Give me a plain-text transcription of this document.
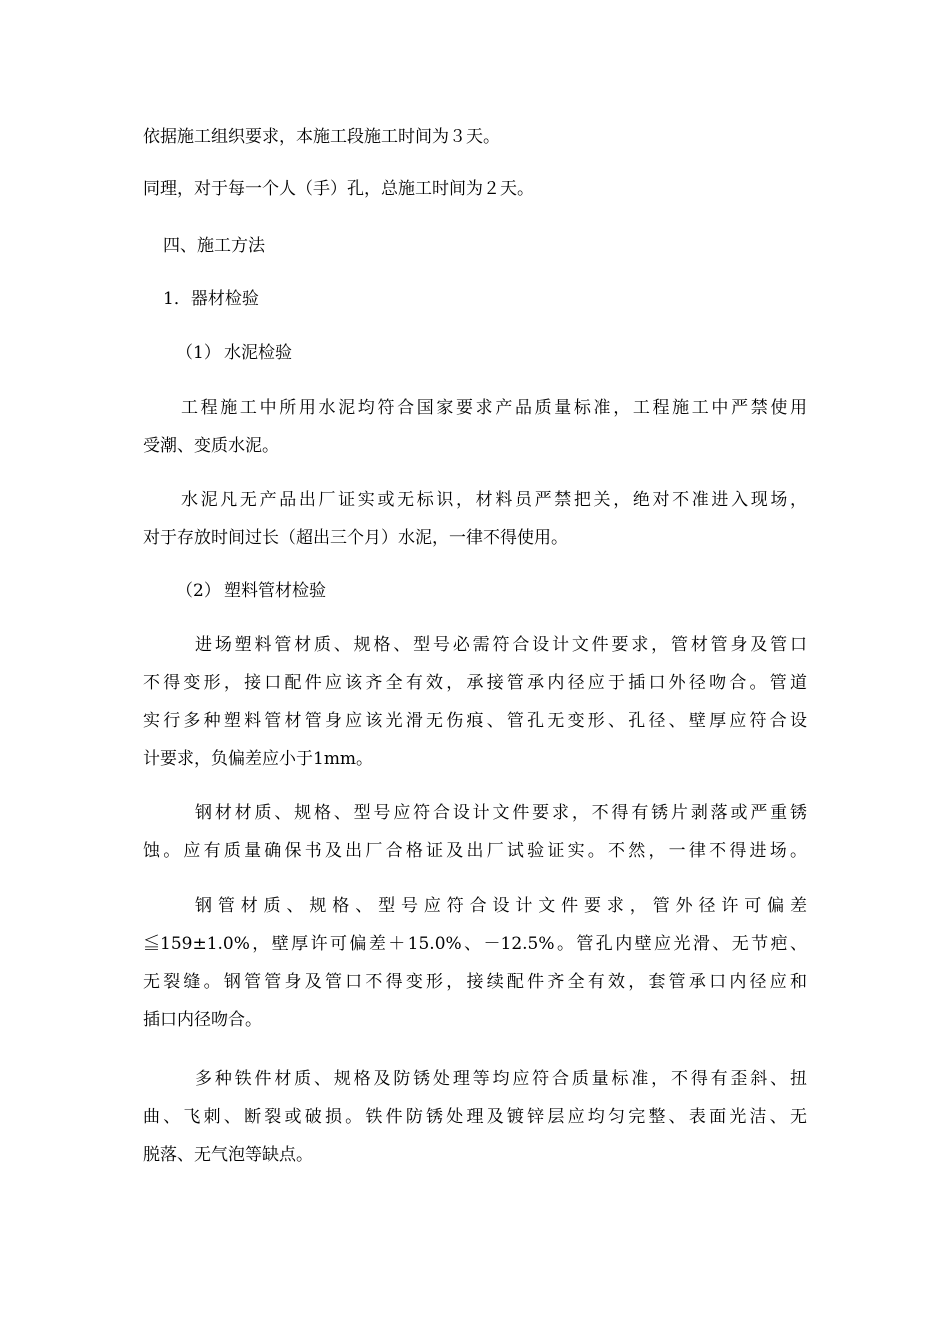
依据施工组织要求，本施工段施工时间为３天。
同理，对于每一个人（手）孔，总施工时间为２天。
四、施工方法
1．器材检验
（1） 水泥检验
工程施工中所用水泥均符合国家要求产品质量标准，工程施工中严禁使用
受潮、变质水泥。
水泥凡无产品出厂证实或无标识，材料员严禁把关，绝对不准进入现场，
对于存放时间过长（超出三个月）水泥，一律不得使用。
（2） 塑料管材检验
进场塑料管材质、规格、型号必需符合设计文件要求，管材管身及管口
不得变形，接口配件应该齐全有效，承接管承内径应于插口外径吻合。管道
实行多种塑料管材管身应该光滑无伤痕、管孔无变形、孔径、壁厚应符合设
计要求，负偏差应小于1mm。
钢材材质、规格、型号应符合设计文件要求，不得有锈片剥落或严重锈
蚀。应有质量确保书及出厂合格证及出厂试验证实。不然，一律不得进场。
钢管材质、规格、型号应符合设计文件要求，管外径许可偏差
≦159±1.0%，壁厚许可偏差＋15.0%、－12.5%。管孔内壁应光滑、无节疤、
无裂缝。钢管管身及管口不得变形，接续配件齐全有效，套管承口内径应和
插口内径吻合。
多种铁件材质、规格及防锈处理等均应符合质量标准，不得有歪斜、扭
曲、飞刺、断裂或破损。铁件防锈处理及镀锌层应均匀完整、表面光洁、无
脱落、无气泡等缺点。
